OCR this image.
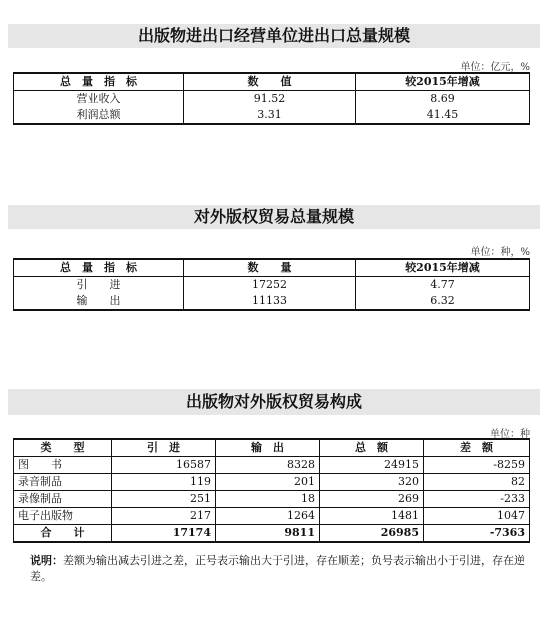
出版物进出口经营单位进出口总量规模
单位：亿元，%
总　量　指　标	数　　值	较2015年增减
营业收入	91.52	8.69
利润总额	3.31	41.45
对外版权贸易总量规模
单位：种，%
总　量　指　标	数　　量	较2015年增减
引　　进	17252	4.77
输　　出	11133	6.32
出版物对外版权贸易构成
单位：种
类　　型	引　进	输　出	总　额	差　额
图　　书	16587	8328	24915	-8259
录音制品	119	201	320	82
录像制品	251	18	269	-233
电子出版物	217	1264	1481	1047
合　　计	17174	9811	26985	-7363
说明：差额为输出减去引进之差，正号表示输出大于引进，存在顺差；负号表示输出小于引进，存在逆差。
